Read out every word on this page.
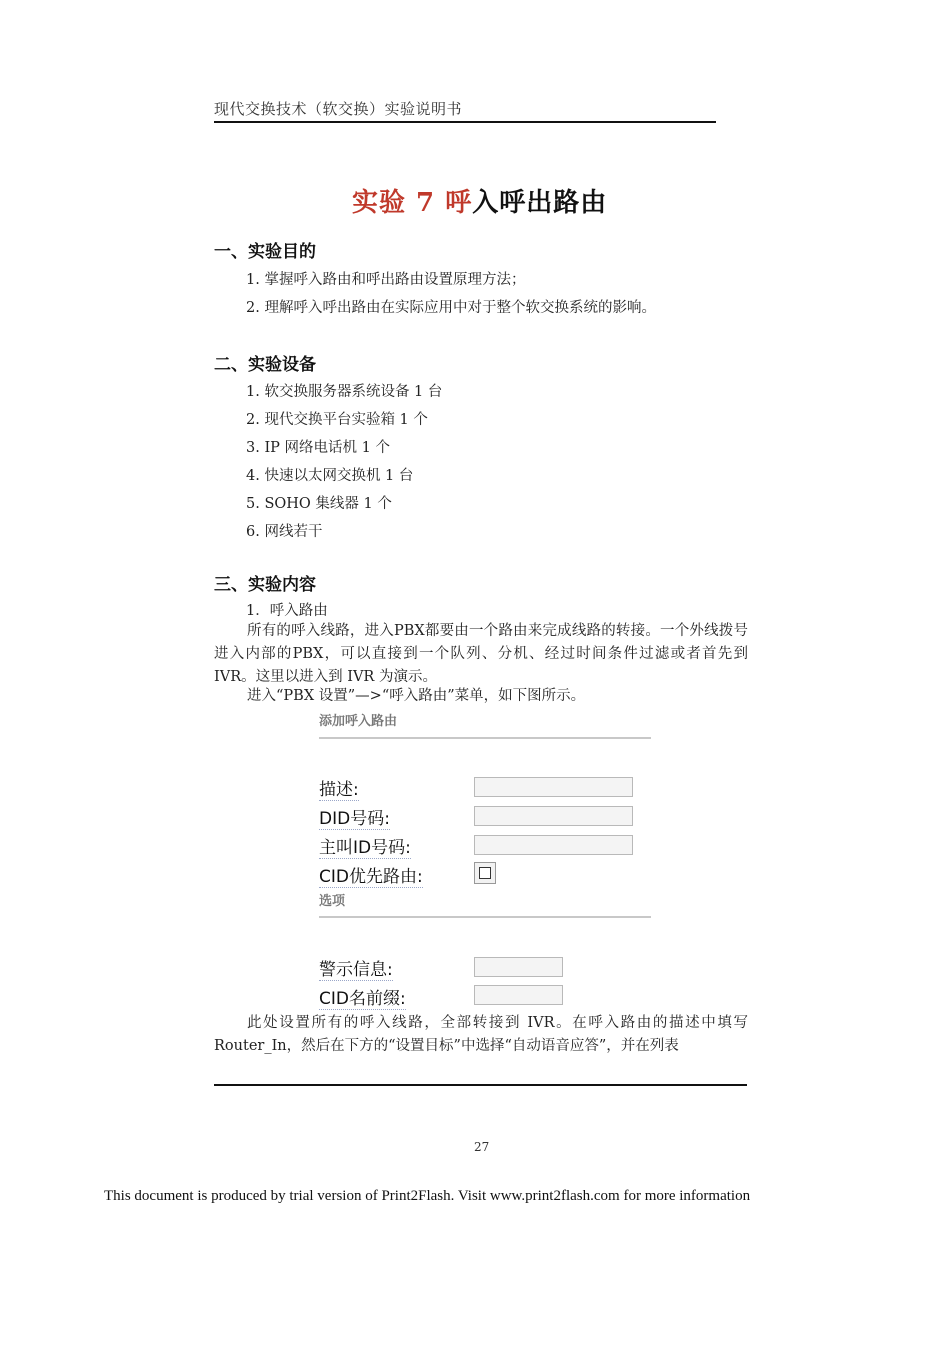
现代交换技术（软交换）实验说明书
实验 7 呼入呼出路由
一、实验目的
1. 掌握呼入路由和呼出路由设置原理方法；
2. 理解呼入呼出路由在实际应用中对于整个软交换系统的影响。
二、实验设备
1. 软交换服务器系统设备 1 台
2. 现代交换平台实验箱 1 个
3. IP 网络电话机 1 个
4. 快速以太网交换机 1 台
5. SOHO 集线器 1 个
6. 网线若干
三、实验内容
1．呼入路由
所有的呼入线路，进入PBX都要由一个路由来完成线路的转接。一个外线拨号进入内部的PBX，可以直接到一个队列、分机、经过时间条件过滤或者首先到 IVR。这里以进入到 IVR 为演示。
进入“PBX 设置”—>“呼入路由”菜单，如下图所示。
添加呼入路由
描述:
DID号码:
主叫ID号码:
CID优先路由:
选项
警示信息:
CID名前缀:
此处设置所有的呼入线路，全部转接到 IVR。在呼入路由的描述中填写 Router_In，然后在下方的“设置目标”中选择“自动语音应答”，并在列表
27
This document is produced by trial version of Print2Flash. Visit www.print2flash.com for more information
